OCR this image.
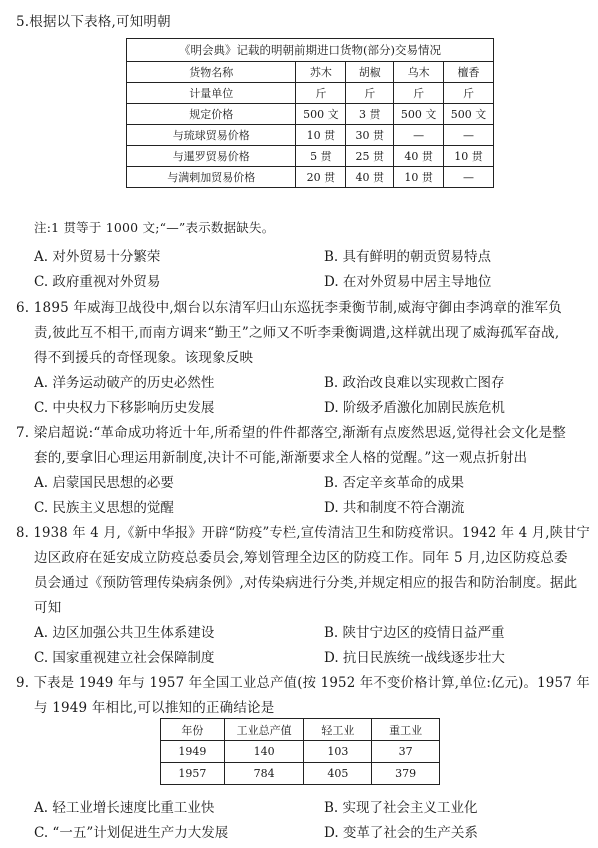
5.根据以下表格,可知明朝
《明会典》记载的明朝前期进口货物(部分)交易情况				
货物名称	苏木	胡椒	乌木	檀香
计量单位	斤	斤	斤	斤
规定价格	500 文	3 贯	500 文	500 文
与琉球贸易价格	10 贯	30 贯	—	—
与暹罗贸易价格	5 贯	25 贯	40 贯	10 贯
与满剌加贸易价格	20 贯	40 贯	10 贯	—
注:1 贯等于 1000 文;“—”表示数据缺失。
A. 对外贸易十分繁荣	B. 具有鲜明的朝贡贸易特点
C. 政府重视对外贸易	D. 在对外贸易中居主导地位
6. 1895 年威海卫战役中,烟台以东清军归山东巡抚李秉衡节制,威海守御由李鸿章的淮军负
责,彼此互不相干,而南方调来“勤王”之师又不听李秉衡调遣,这样就出现了威海孤军奋战,
得不到援兵的奇怪现象。该现象反映
A. 洋务运动破产的历史必然性	B. 政治改良难以实现救亡图存
C. 中央权力下移影响历史发展	D. 阶级矛盾激化加剧民族危机
7. 梁启超说:“革命成功将近十年,所希望的件件都落空,渐渐有点废然思返,觉得社会文化是整
套的,要拿旧心理运用新制度,决计不可能,渐渐要求全人格的觉醒。”这一观点折射出
A. 启蒙国民思想的必要	B. 否定辛亥革命的成果
C. 民族主义思想的觉醒	D. 共和制度不符合潮流
8. 1938 年 4 月,《新中华报》开辟“防疫”专栏,宣传清洁卫生和防疫常识。1942 年 4 月,陕甘宁
边区政府在延安成立防疫总委员会,筹划管理全边区的防疫工作。同年 5 月,边区防疫总委
员会通过《预防管理传染病条例》,对传染病进行分类,并规定相应的报告和防治制度。据此
可知
A. 边区加强公共卫生体系建设	B. 陕甘宁边区的疫情日益严重
C. 国家重视建立社会保障制度	D. 抗日民族统一战线逐步壮大
9. 下表是 1949 年与 1957 年全国工业总产值(按 1952 年不变价格计算,单位:亿元)。1957 年
与 1949 年相比,可以推知的正确结论是
年份	工业总产值	轻工业	重工业
1949	140	103	37
1957	784	405	379
A. 轻工业增长速度比重工业快	B. 实现了社会主义工业化
C. “一五”计划促进生产力大发展	D. 变革了社会的生产关系
